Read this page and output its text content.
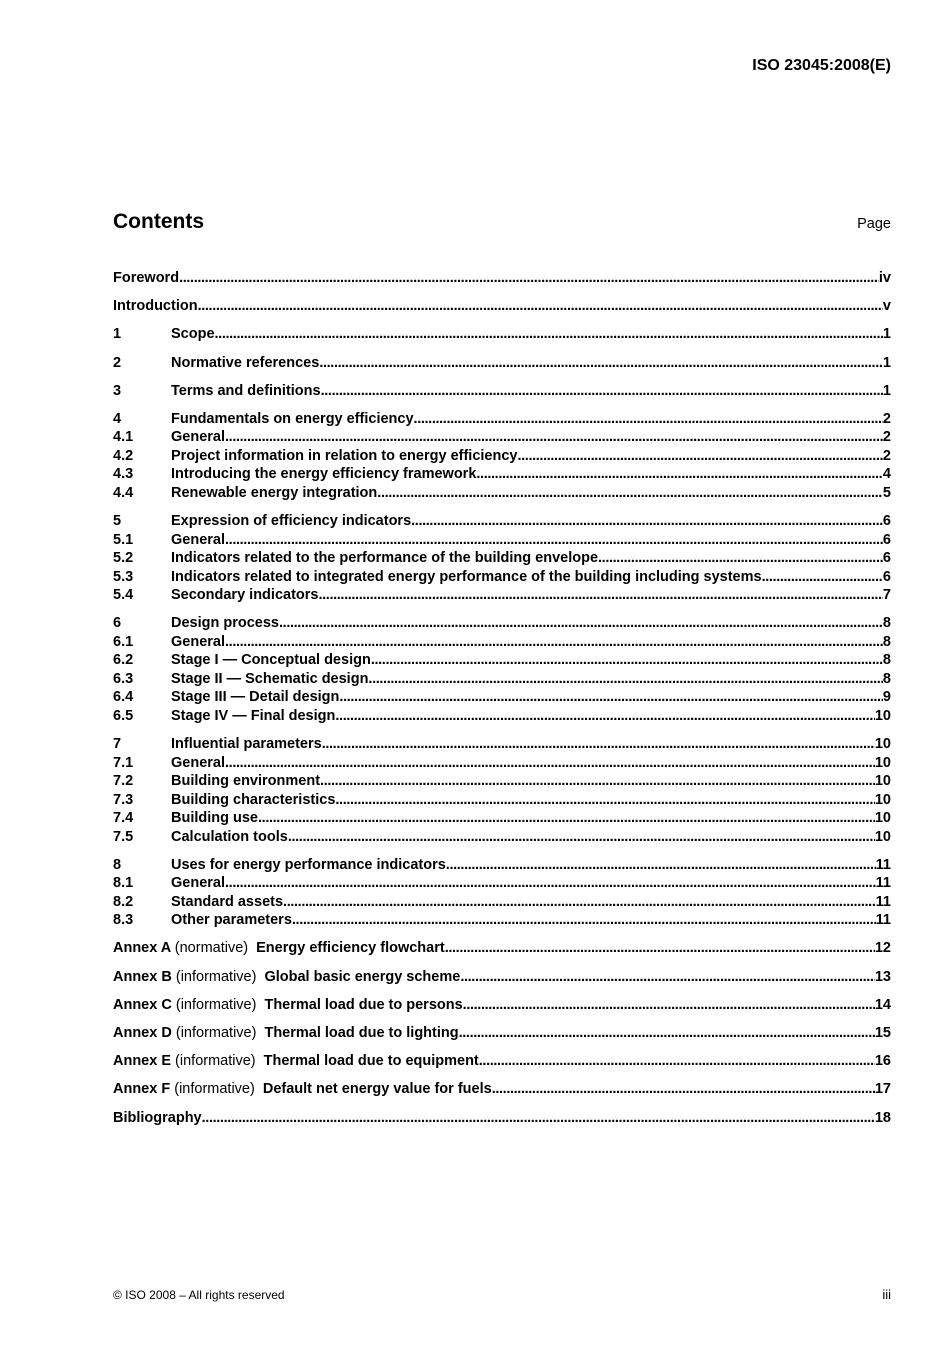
ISO 23045:2008(E)
Contents	Page
Foreword . . .	iv
Introduction . . .	v
1	Scope . . .	1
2	Normative references . . .	1
3	Terms and definitions . . .	1
4	Fundamentals on energy efficiency . . .	2
4.1	General . . .	2
4.2	Project information in relation to energy efficiency . . .	2
4.3	Introducing the energy efficiency framework . . .	4
4.4	Renewable energy integration . . .	5
5	Expression of efficiency indicators . . .	6
5.1	General . . .	6
5.2	Indicators related to the performance of the building envelope . . .	6
5.3	Indicators related to integrated energy performance of the building including systems . . .	6
5.4	Secondary indicators . . .	7
6	Design process . . .	8
6.1	General . . .	8
6.2	Stage I — Conceptual design . . .	8
6.3	Stage II — Schematic design . . .	8
6.4	Stage III — Detail design . . .	9
6.5	Stage IV — Final design . . .	10
7	Influential parameters . . .	10
7.1	General . . .	10
7.2	Building environment . . .	10
7.3	Building characteristics . . .	10
7.4	Building use . . .	10
7.5	Calculation tools . . .	10
8	Uses for energy performance indicators . . .	11
8.1	General . . .	11
8.2	Standard assets . . .	11
8.3	Other parameters . . .	11
Annex A (normative) Energy efficiency flowchart . . .	12
Annex B (informative) Global basic energy scheme . . .	13
Annex C (informative) Thermal load due to persons . . .	14
Annex D (informative) Thermal load due to lighting . . .	15
Annex E (informative) Thermal load due to equipment . . .	16
Annex F (informative) Default net energy value for fuels . . .	17
Bibliography . . .	18
© ISO 2008 – All rights reserved	iii
